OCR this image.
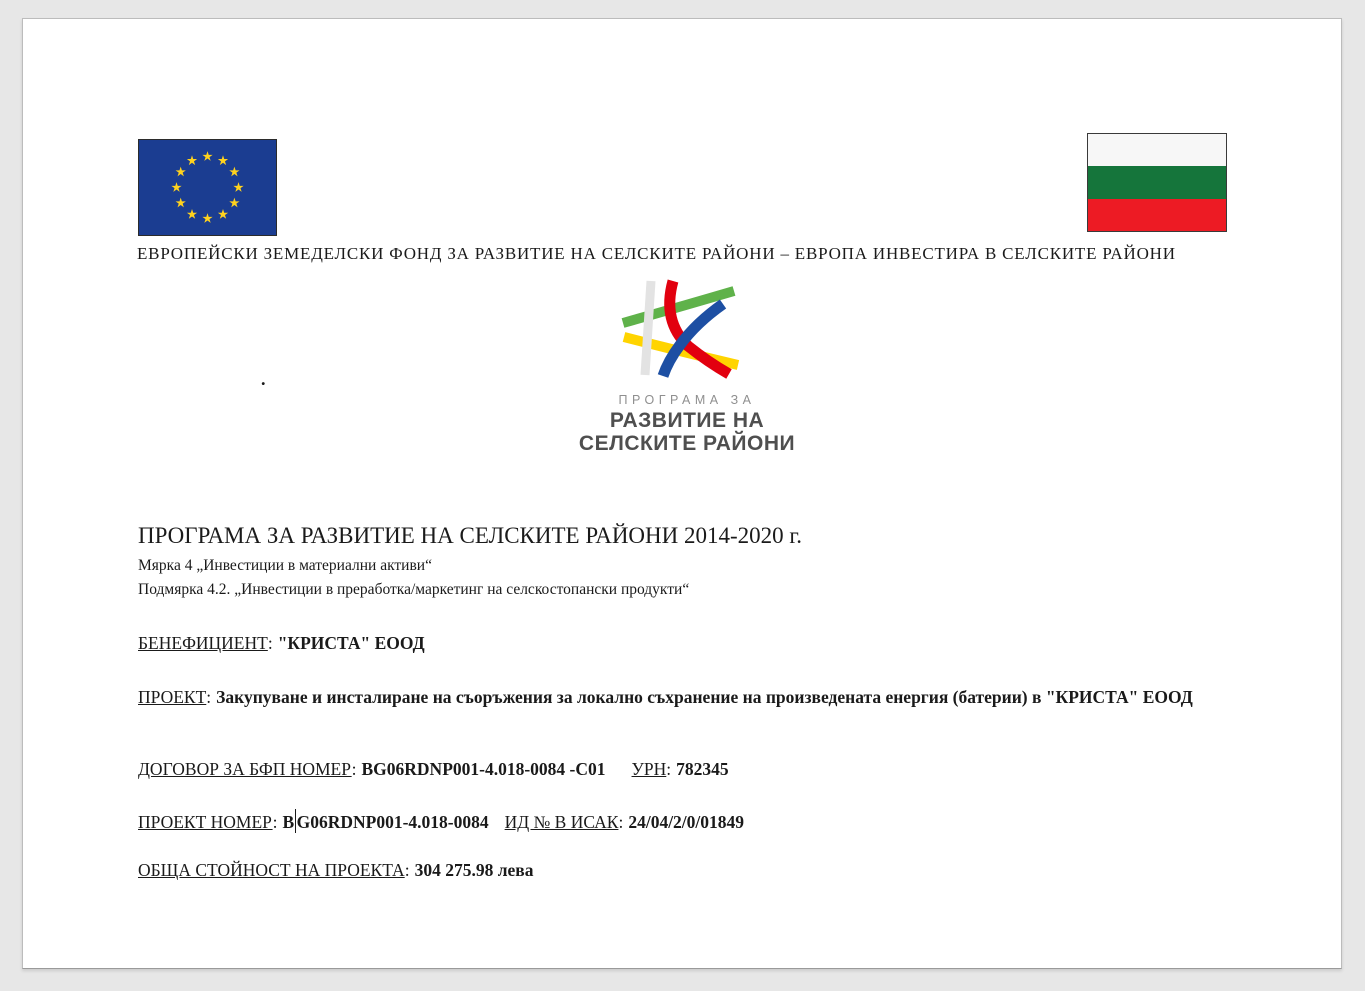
ЕВРОПЕЙСКИ ЗЕМЕДЕЛСКИ ФОНД ЗА РАЗВИТИЕ НА СЕЛСКИТЕ РАЙОНИ – ЕВРОПА ИНВЕСТИРА В СЕЛСКИТЕ РАЙОНИ
.
ПРОГРАМА ЗА
РАЗВИТИЕ НА
СЕЛСКИТЕ РАЙОНИ
ПРОГРАМА ЗА РАЗВИТИЕ НА СЕЛСКИТЕ РАЙОНИ 2014-2020 г.
Мярка 4 „Инвестиции в материални активи“
Подмярка 4.2. „Инвестиции в преработка/маркетинг на селскостопански продукти“
БЕНЕФИЦИЕНТ: "КРИСТА" ЕООД
ПРОЕКТ: Закупуване и инсталиране на съоръжения за локално съхранение на произведената енергия (батерии) в "КРИСТА" ЕООД
ДОГОВОР ЗА БФП НОМЕР: BG06RDNP001-4.018-0084 -C01 УРН: 782345
ПРОЕКТ НОМЕР: B G06RDNP001-4.018-0084 ИД № В ИСАК: 24/04/2/0/01849
ОБЩА СТОЙНОСТ НА ПРОЕКТА: 304 275.98 лева
